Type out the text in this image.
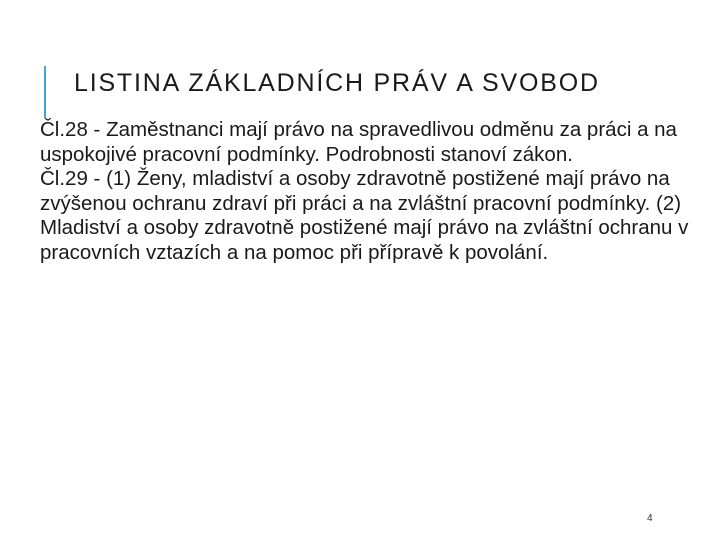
LISTINA ZÁKLADNÍCH PRÁV A SVOBOD

Čl.28 - Zaměstnanci mají právo na spravedlivou odměnu za práci a na uspokojivé pracovní podmínky. Podrobnosti stanoví zákon.

Čl.29 - (1) Ženy, mladiství a osoby zdravotně postižené mají právo na zvýšenou ochranu zdraví při práci a na zvláštní pracovní podmínky. (2) Mladiství a osoby zdravotně postižené mají právo na zvláštní ochranu v pracovních vztazích a na pomoc při přípravě k povolání.

4
